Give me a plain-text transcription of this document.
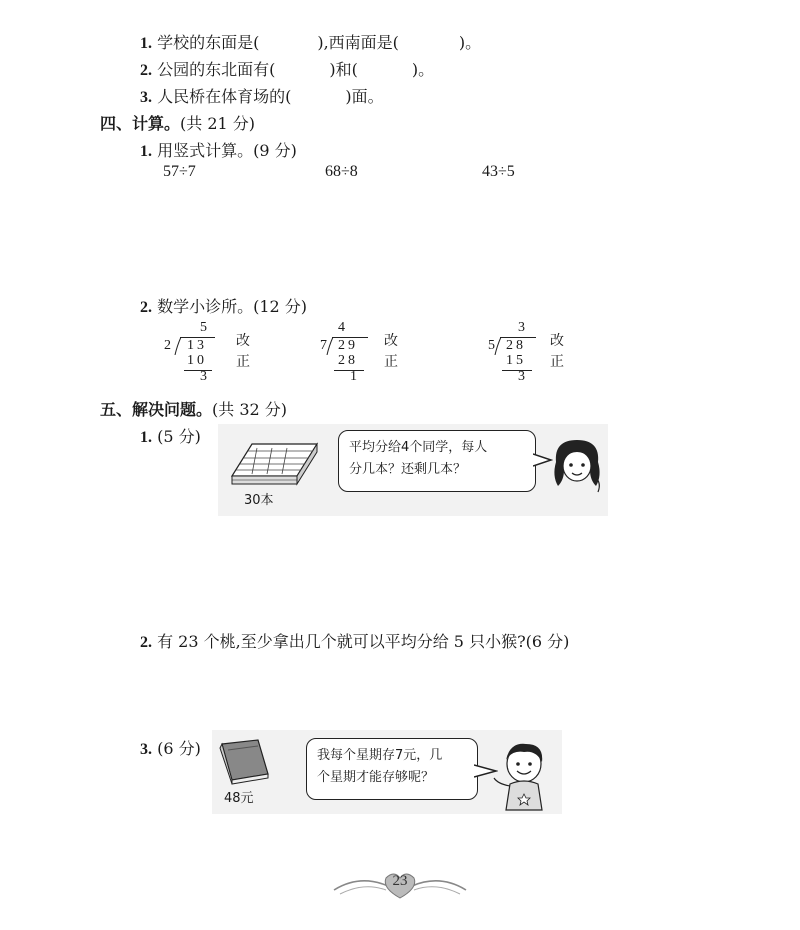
1. 学校的东面是(	),西南面是(	)。
2. 公园的东北面有(	)和(	)。
3. 人民桥在体育场的(	)面。
四、计算。(共 21 分)
1. 用竖式计算。(9 分)
57÷7	68÷8	43÷5
2. 数学小诊所。(12 分)
5
2 13
10
3
改
正
4
7 29
28
1
改
正
3
5 28
15
3
改
正
五、解决问题。(共 32 分)
1. (5 分)
30本
平均分给4个同学，每人
分几本？还剩几本？
2. 有 23 个桃,至少拿出几个就可以平均分给 5 只小猴?(6 分)
3. (6 分)
48元
我每个星期存7元，几
个星期才能存够呢？
23
